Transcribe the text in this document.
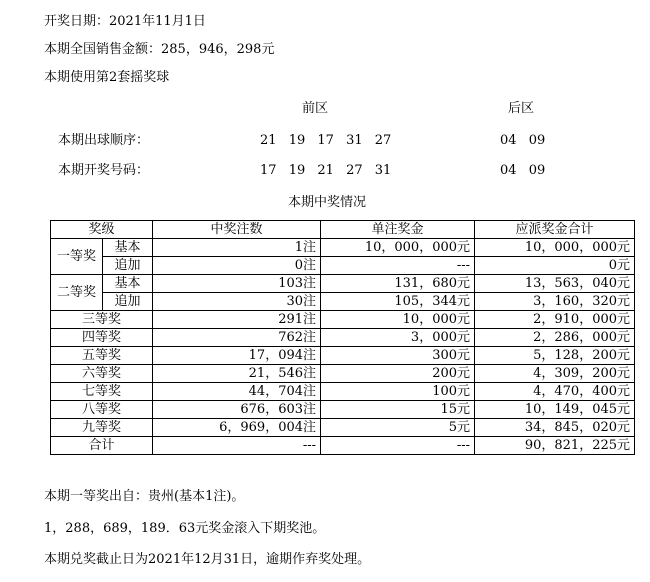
开奖日期：2021年11月1日
本期全国销售金额：285，946，298元
本期使用第2套摇奖球
前区	后区
本期出球顺序：	21 19 17 31 27	04 09
本期开奖号码：	17 19 21 27 31	04 09
本期中奖情况
奖级		中奖注数	单注奖金	应派奖金合计
一等奖	基本	1注	10，000，000元	10，000，000元
	追加	0注	---	0元
二等奖	基本	103注	131，680元	13，563，040元
	追加	30注	105，344元	3，160，320元
三等奖		291注	10，000元	2，910，000元
四等奖		762注	3，000元	2，286，000元
五等奖		17，094注	300元	5，128，200元
六等奖		21，546注	200元	4，309，200元
七等奖		44，704注	100元	4，470，400元
八等奖		676，603注	15元	10，149，045元
九等奖		6，969，004注	5元	34，845，020元
合计		---	---	90，821，225元
本期一等奖出自：贵州(基本1注)。
1，288，689，189．63元奖金滚入下期奖池。
本期兑奖截止日为2021年12月31日，逾期作弃奖处理。
